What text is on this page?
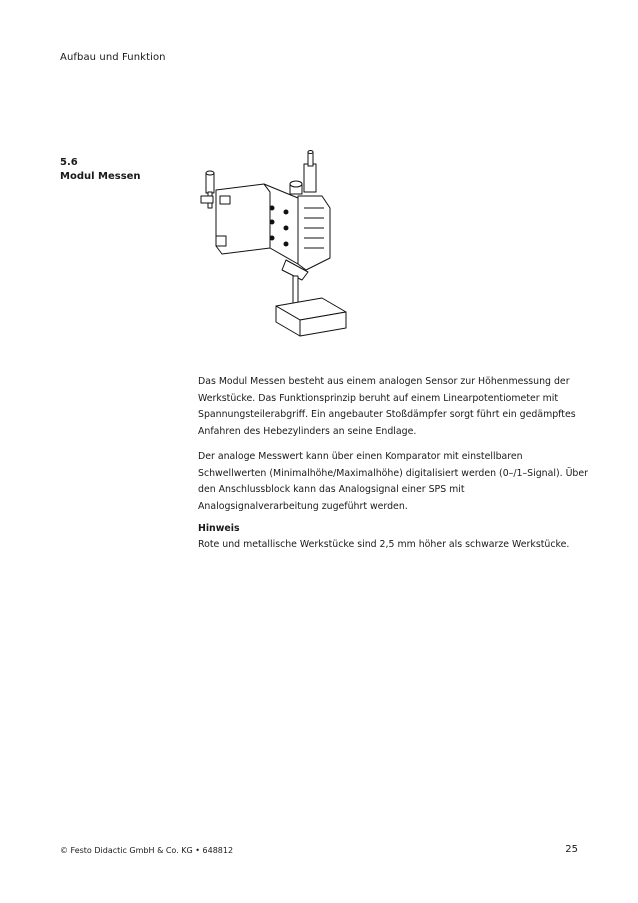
Aufbau und Funktion
5.6
Modul Messen
Das Modul Messen besteht aus einem analogen Sensor zur Höhenmessung der Werkstücke. Das Funktionsprinzip beruht auf einem Linearpotentiometer mit Spannungsteilerabgriff. Ein angebauter Stoßdämpfer sorgt führt ein gedämpftes Anfahren des Hebezylinders an seine Endlage.
Der analoge Messwert kann über einen Komparator mit einstellbaren Schwellwerten (Minimalhöhe/Maximalhöhe) digitalisiert werden (0–/1–Signal). Über den Anschlussblock kann das Analogsignal einer SPS mit Analogsignalverarbeitung zugeführt werden.
Hinweis
Rote und metallische Werkstücke sind 2,5 mm höher als schwarze Werkstücke.
© Festo Didactic GmbH & Co. KG • 648812	25
